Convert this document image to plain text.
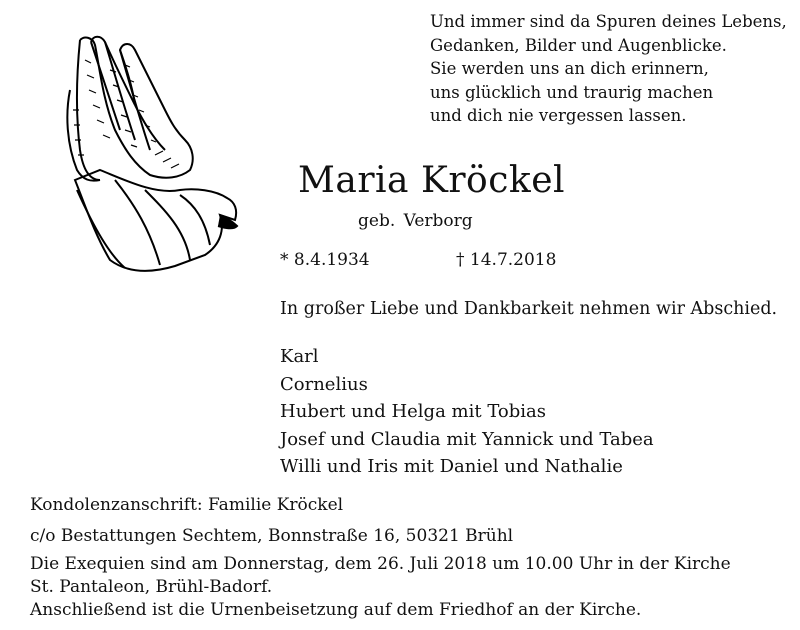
Und immer sind da Spuren deines Lebens,
Gedanken, Bilder und Augenblicke.
Sie werden uns an dich erinnern,
uns glücklich und traurig machen
und dich nie vergessen lassen.
Maria Kröckel
geb. Verborg
* 8.4.1934	† 14.7.2018
In großer Liebe und Dankbarkeit nehmen wir Abschied.
Karl
Cornelius
Hubert und Helga mit Tobias
Josef und Claudia mit Yannick und Tabea
Willi und Iris mit Daniel und Nathalie
Kondolenzanschrift: Familie Kröckel
c/o Bestattungen Sechtem, Bonnstraße 16, 50321 Brühl
Die Exequien sind am Donnerstag, dem 26. Juli 2018 um 10.00 Uhr in der Kirche
St. Pantaleon, Brühl-Badorf.
Anschließend ist die Urnenbeisetzung auf dem Friedhof an der Kirche.
